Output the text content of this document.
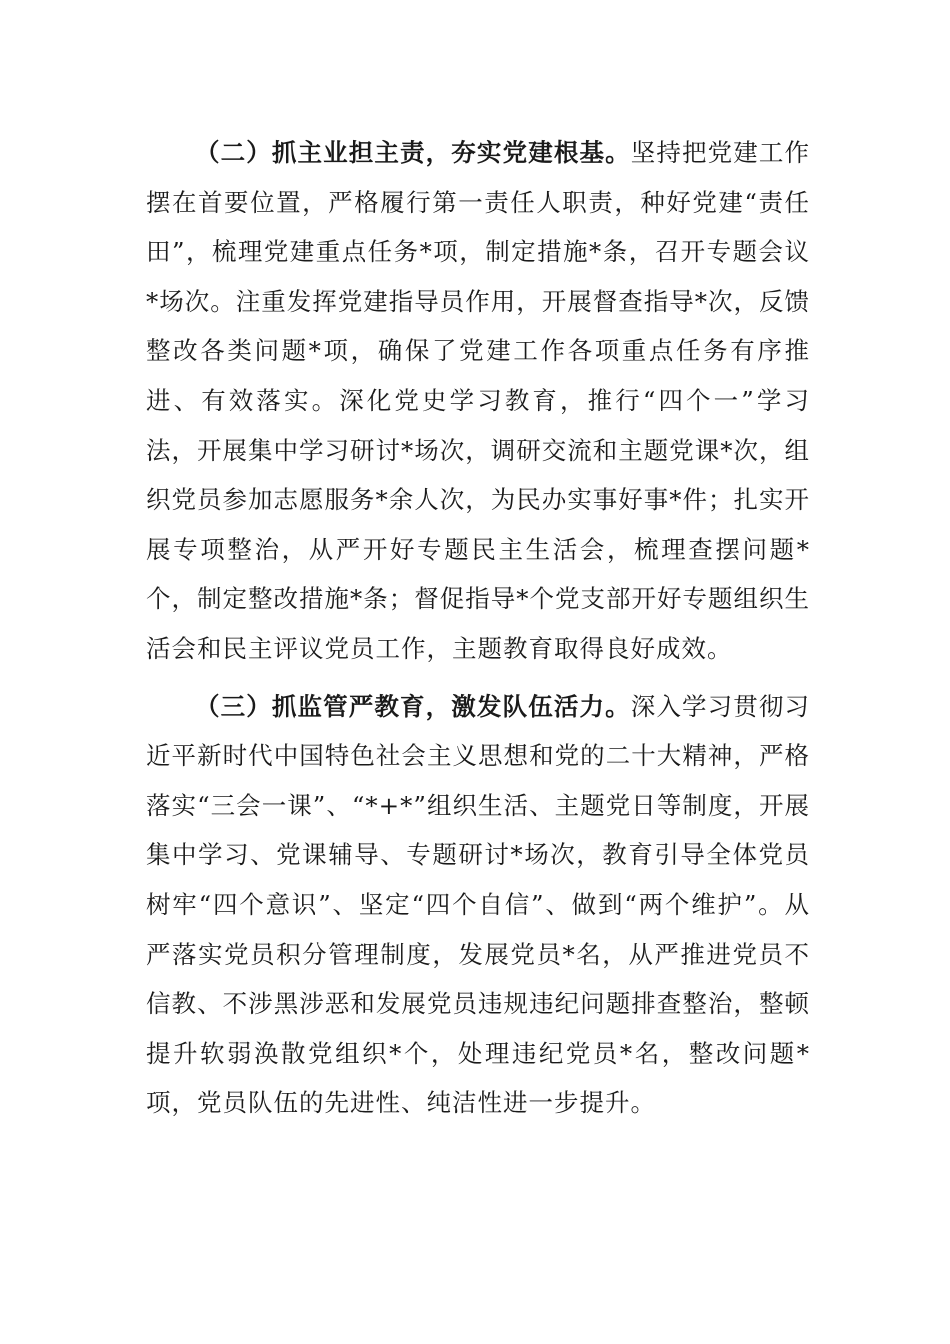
（二）抓主业担主责，夯实党建根基。坚持把党建工作摆在首要位置，严格履行第一责任人职责，种好党建“责任田”，梳理党建重点任务*项，制定措施*条，召开专题会议*场次。注重发挥党建指导员作用，开展督查指导*次，反馈整改各类问题*项，确保了党建工作各项重点任务有序推进、有效落实。深化党史学习教育，推行“四个一”学习法，开展集中学习研讨*场次，调研交流和主题党课*次，组织党员参加志愿服务*余人次，为民办实事好事*件；扎实开展专项整治，从严开好专题民主生活会，梳理查摆问题*个，制定整改措施*条；督促指导*个党支部开好专题组织生活会和民主评议党员工作，主题教育取得良好成效。

（三）抓监管严教育，激发队伍活力。深入学习贯彻习近平新时代中国特色社会主义思想和党的二十大精神，严格落实“三会一课”、“*+*”组织生活、主题党日等制度，开展集中学习、党课辅导、专题研讨*场次，教育引导全体党员树牢“四个意识”、坚定“四个自信”、做到“两个维护”。从严落实党员积分管理制度，发展党员*名，从严推进党员不信教、不涉黑涉恶和发展党员违规违纪问题排查整治，整顿提升软弱涣散党组织*个，处理违纪党员*名，整改问题*项，党员队伍的先进性、纯洁性进一步提升。
